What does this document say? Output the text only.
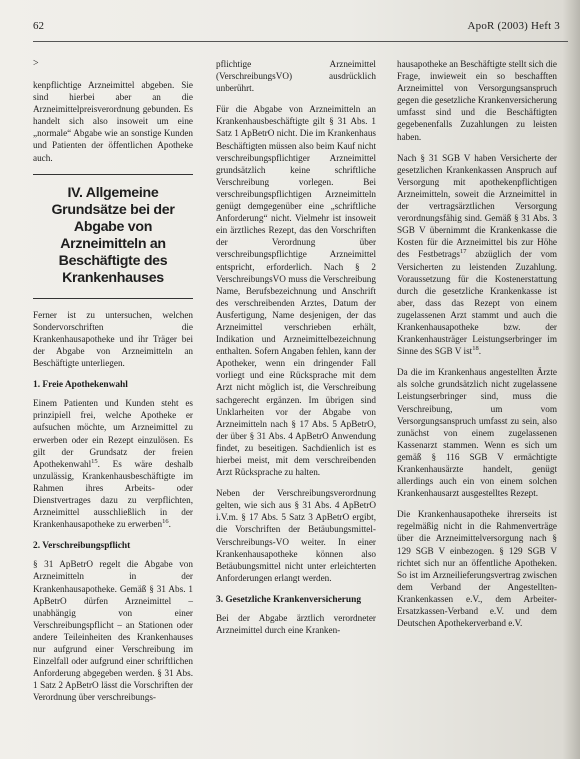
62	ApoR (2003) Heft 3

>

kenpflichtige Arzneimittel abgeben. Sie sind hierbei aber an die Arzneimittelpreisverordnung gebunden. Es handelt sich also insoweit um eine „normale“ Abgabe wie an sonstige Kunden und Patienten der öffentlichen Apotheke auch.

IV. Allgemeine Grundsätze bei der Abgabe von Arzneimitteln an Beschäftigte des Krankenhauses

Ferner ist zu untersuchen, welchen Sondervorschriften die Krankenhausapotheke und ihr Träger bei der Abgabe von Arzneimitteln an Beschäftigte unterliegen.

1. Freie Apothekenwahl

Einem Patienten und Kunden steht es prinzipiell frei, welche Apotheke er aufsuchen möchte, um Arzneimittel zu erwerben oder ein Rezept einzulösen. Es gilt der Grundsatz der freien Apothekenwahl$^{15}$. Es wäre deshalb unzulässig, Krankenhausbeschäftigte im Rahmen ihres Arbeits- oder Dienstvertrages dazu zu verpflichten, Arzneimittel ausschließlich in der Krankenhausapotheke zu erwerben$^{16}$.

2. Verschreibungspflicht

§ 31 ApBetrO regelt die Abgabe von Arzneimitteln in der Krankenhausapotheke. Gemäß § 31 Abs. 1 ApBetrO dürfen Arzneimittel – unabhängig von einer Verschreibungspflicht – an Stationen oder andere Teileinheiten des Krankenhauses nur aufgrund einer Verschreibung im Einzelfall oder aufgrund einer schriftlichen Anforderung abgegeben werden. § 31 Abs. 1 Satz 2 ApBetrO lässt die Vorschriften der Verordnung über verschreibungs-

pflichtige Arzneimittel (VerschreibungsVO) ausdrücklich unberührt.

Für die Abgabe von Arzneimitteln an Krankenhausbeschäftigte gilt § 31 Abs. 1 Satz 1 ApBetrO nicht. Die im Krankenhaus Beschäftigten müssen also beim Kauf nicht verschreibungspflichtiger Arzneimittel grundsätzlich keine schriftliche Verschreibung vorlegen. Bei verschreibungspflichtigen Arzneimitteln genügt demgegenüber eine „schriftliche Anforderung“ nicht. Vielmehr ist insoweit ein ärztliches Rezept, das den Vorschriften der Verordnung über verschreibungspflichtige Arzneimittel entspricht, erforderlich. Nach § 2 VerschreibungsVO muss die Verschreibung Name, Berufsbezeichnung und Anschrift des verschreibenden Arztes, Datum der Ausfertigung, Name desjenigen, der das Arzneimittel verschrieben erhält, Indikation und Arzneimittelbezeichnung enthalten. Sofern Angaben fehlen, kann der Apotheker, wenn ein dringender Fall vorliegt und eine Rücksprache mit dem Arzt nicht möglich ist, die Verschreibung sachgerecht ergänzen. Im übrigen sind Unklarheiten vor der Abgabe von Arzneimitteln nach § 17 Abs. 5 ApBetrO, der über § 31 Abs. 4 ApBetrO Anwendung findet, zu beseitigen. Sachdienlich ist es hierbei meist, mit dem verschreibenden Arzt Rücksprache zu halten.

Neben der Verschreibungsverordnung gelten, wie sich aus § 31 Abs. 4 ApBetrO i.V.m. § 17 Abs. 5 Satz 3 ApBetrO ergibt, die Vorschriften der Betäubungsmittel-Verschreibungs-VO weiter. In einer Krankenhausapotheke können also Betäubungsmittel nicht unter erleichterten Anforderungen erlangt werden.

3. Gesetzliche Krankenversicherung

Bei der Abgabe ärztlich verordneter Arzneimittel durch eine Kranken-

hausapotheke an Beschäftigte stellt sich die Frage, inwieweit ein so beschafften Arzneimittel von Versorgungsanspruch gegen die gesetzliche Krankenversicherung umfasst sind und die Beschäftigten gegebenenfalls Zuzahlungen zu leisten haben.

Nach § 31 SGB V haben Versicherte der gesetzlichen Krankenkassen Anspruch auf Versorgung mit apothekenpflichtigen Arzneimitteln, soweit die Arzneimittel in der vertragsärztlichen Versorgung verordnungsfähig sind. Gemäß § 31 Abs. 3 SGB V übernimmt die Krankenkasse die Kosten für die Arzneimittel bis zur Höhe des Festbetrags$^{17}$ abzüglich der vom Versicherten zu leistenden Zuzahlung. Voraussetzung für die Kostenerstattung durch die gesetzliche Krankenkasse ist aber, dass das Rezept von einem zugelassenen Arzt stammt und auch die Krankenhausapotheke bzw. der Krankenhausträger Leistungserbringer im Sinne des SGB V ist$^{18}$.

Da die im Krankenhaus angestellten Ärzte als solche grundsätzlich nicht zugelassene Leistungserbringer sind, muss die Verschreibung, um vom Versorgungsanspruch umfasst zu sein, also zunächst von einem zugelassenen Kassenarzt stammen. Wenn es sich um gemäß § 116 SGB V ermächtigte Krankenhausärzte handelt, genügt allerdings auch ein von einem solchen Krankenhausarzt ausgestelltes Rezept.

Die Krankenhausapotheke ihrerseits ist regelmäßig nicht in die Rahmenverträge über die Arzneimittelversorgung nach § 129 SGB V einbezogen. § 129 SGB V richtet sich nur an öffentliche Apotheken. So ist im Arzneilieferungsvertrag zwischen dem Verband der Angestellten-Krankenkassen e.V., dem Arbeiter-Ersatzkassen-Verband e.V. und dem Deutschen Apothekerverband e.V.
